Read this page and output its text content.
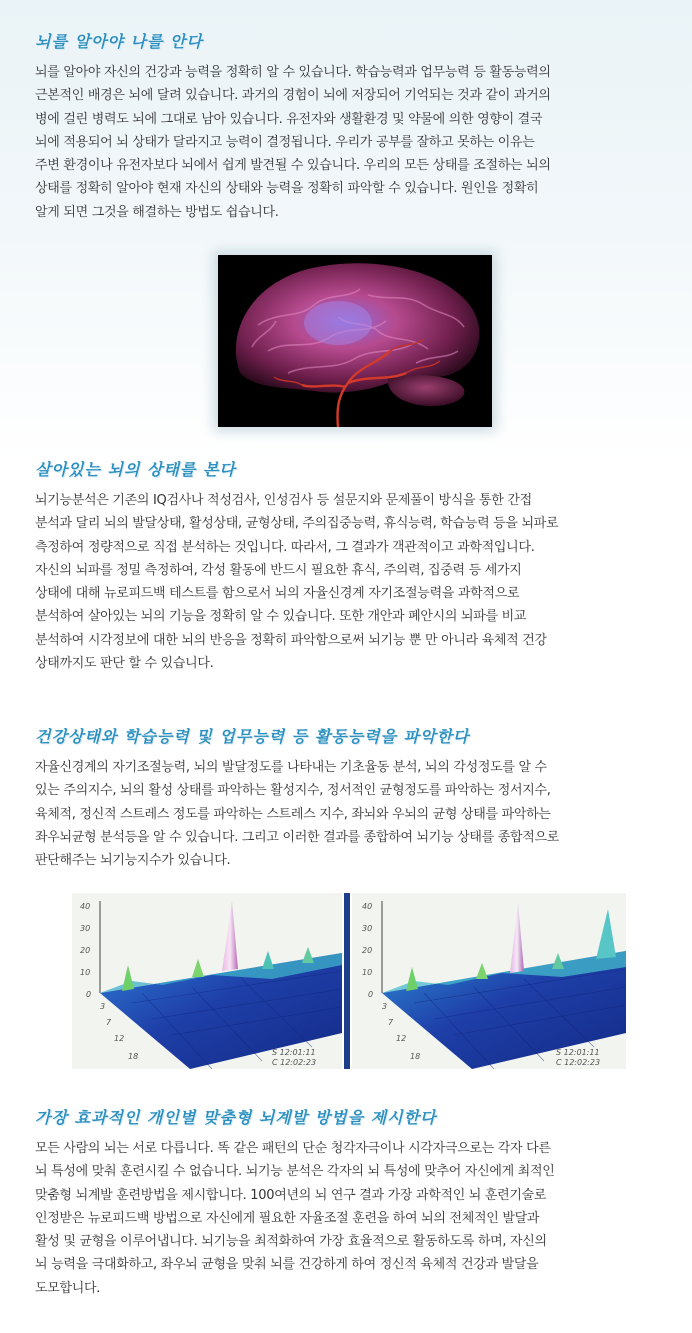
뇌를 알아야 나를 안다

뇌를 알아야 자신의 건강과 능력을 정확히 알 수 있습니다. 학습능력과 업무능력 등 활동능력의

근본적인 배경은 뇌에 달려 있습니다. 과거의 경험이 뇌에 저장되어 기억되는 것과 같이 과거의

병에 걸린 병력도 뇌에 그대로 남아 있습니다. 유전자와 생활환경 및 약물에 의한 영향이 결국

뇌에 적용되어 뇌 상태가 달라지고 능력이 결정됩니다. 우리가 공부를 잘하고 못하는 이유는

주변 환경이나 유전자보다 뇌에서 쉽게 발견될 수 있습니다. 우리의 모든 상태를 조절하는 뇌의

상태를 정확히 알아야 현재 자신의 상태와 능력을 정확히 파악할 수 있습니다. 원인을 정확히

알게 되면 그것을 해결하는 방법도 쉽습니다.

살아있는 뇌의 상태를 본다

뇌기능분석은 기존의 IQ검사나 적성검사, 인성검사 등 설문지와 문제풀이 방식을 통한 간접

분석과 달리 뇌의 발달상태, 활성상태, 균형상태, 주의집중능력, 휴식능력, 학습능력 등을 뇌파로

측정하여 정량적으로 직접 분석하는 것입니다. 따라서, 그 결과가 객관적이고 과학적입니다.

자신의 뇌파를 정밀 측정하여, 각성 활동에 반드시 필요한 휴식, 주의력, 집중력 등 세가지

상태에 대해 뉴로피드백 테스트를 함으로서 뇌의 자율신경계 자기조절능력을 과학적으로

분석하여 살아있는 뇌의 기능을 정확히 알 수 있습니다. 또한 개안과 폐안시의 뇌파를 비교

분석하여 시각정보에 대한 뇌의 반응을 정확히 파악함으로써 뇌기능 뿐 만 아니라 육체적 건강

상태까지도 판단 할 수 있습니다.

건강상태와 학습능력 및 업무능력 등 활동능력을 파악한다

자율신경계의 자기조절능력, 뇌의 발달정도를 나타내는 기초율동 분석, 뇌의 각성정도를 알 수

있는 주의지수, 뇌의 활성 상태를 파악하는 활성지수, 정서적인 균형정도를 파악하는 정서지수,

육체적, 정신적 스트레스 정도를 파악하는 스트레스 지수, 좌뇌와 우뇌의 균형 상태를 파악하는

좌우뇌균형 분석등을 알 수 있습니다. 그리고 이러한 결과를 종합하여 뇌기능 상태를 종합적으로

판단해주는 뇌기능지수가 있습니다.

40
30
20
10
0
3
7
12
18	S 12:01:11
C 12:02:23
40
30
20
10
0
3
7
12
18	S 12:01:11
C 12:02:23
가장 효과적인 개인별 맞춤형 뇌계발 방법을 제시한다

모든 사람의 뇌는 서로 다릅니다. 똑 같은 패턴의 단순 청각자극이나 시각자극으로는 각자 다른

뇌 특성에 맞춰 훈련시킬 수 없습니다. 뇌기능 분석은 각자의 뇌 특성에 맞추어 자신에게 최적인

맞춤형 뇌계발 훈련방법을 제시합니다. 100여년의 뇌 연구 결과 가장 과학적인 뇌 훈련기술로

인정받은 뉴로피드백 방법으로 자신에게 필요한 자율조절 훈련을 하여 뇌의 전체적인 발달과

활성 및 균형을 이루어냅니다. 뇌기능을 최적화하여 가장 효율적으로 활동하도록 하며, 자신의

뇌 능력을 극대화하고, 좌우뇌 균형을 맞춰 뇌를 건강하게 하여 정신적 육체적 건강과 발달을

도모합니다.
